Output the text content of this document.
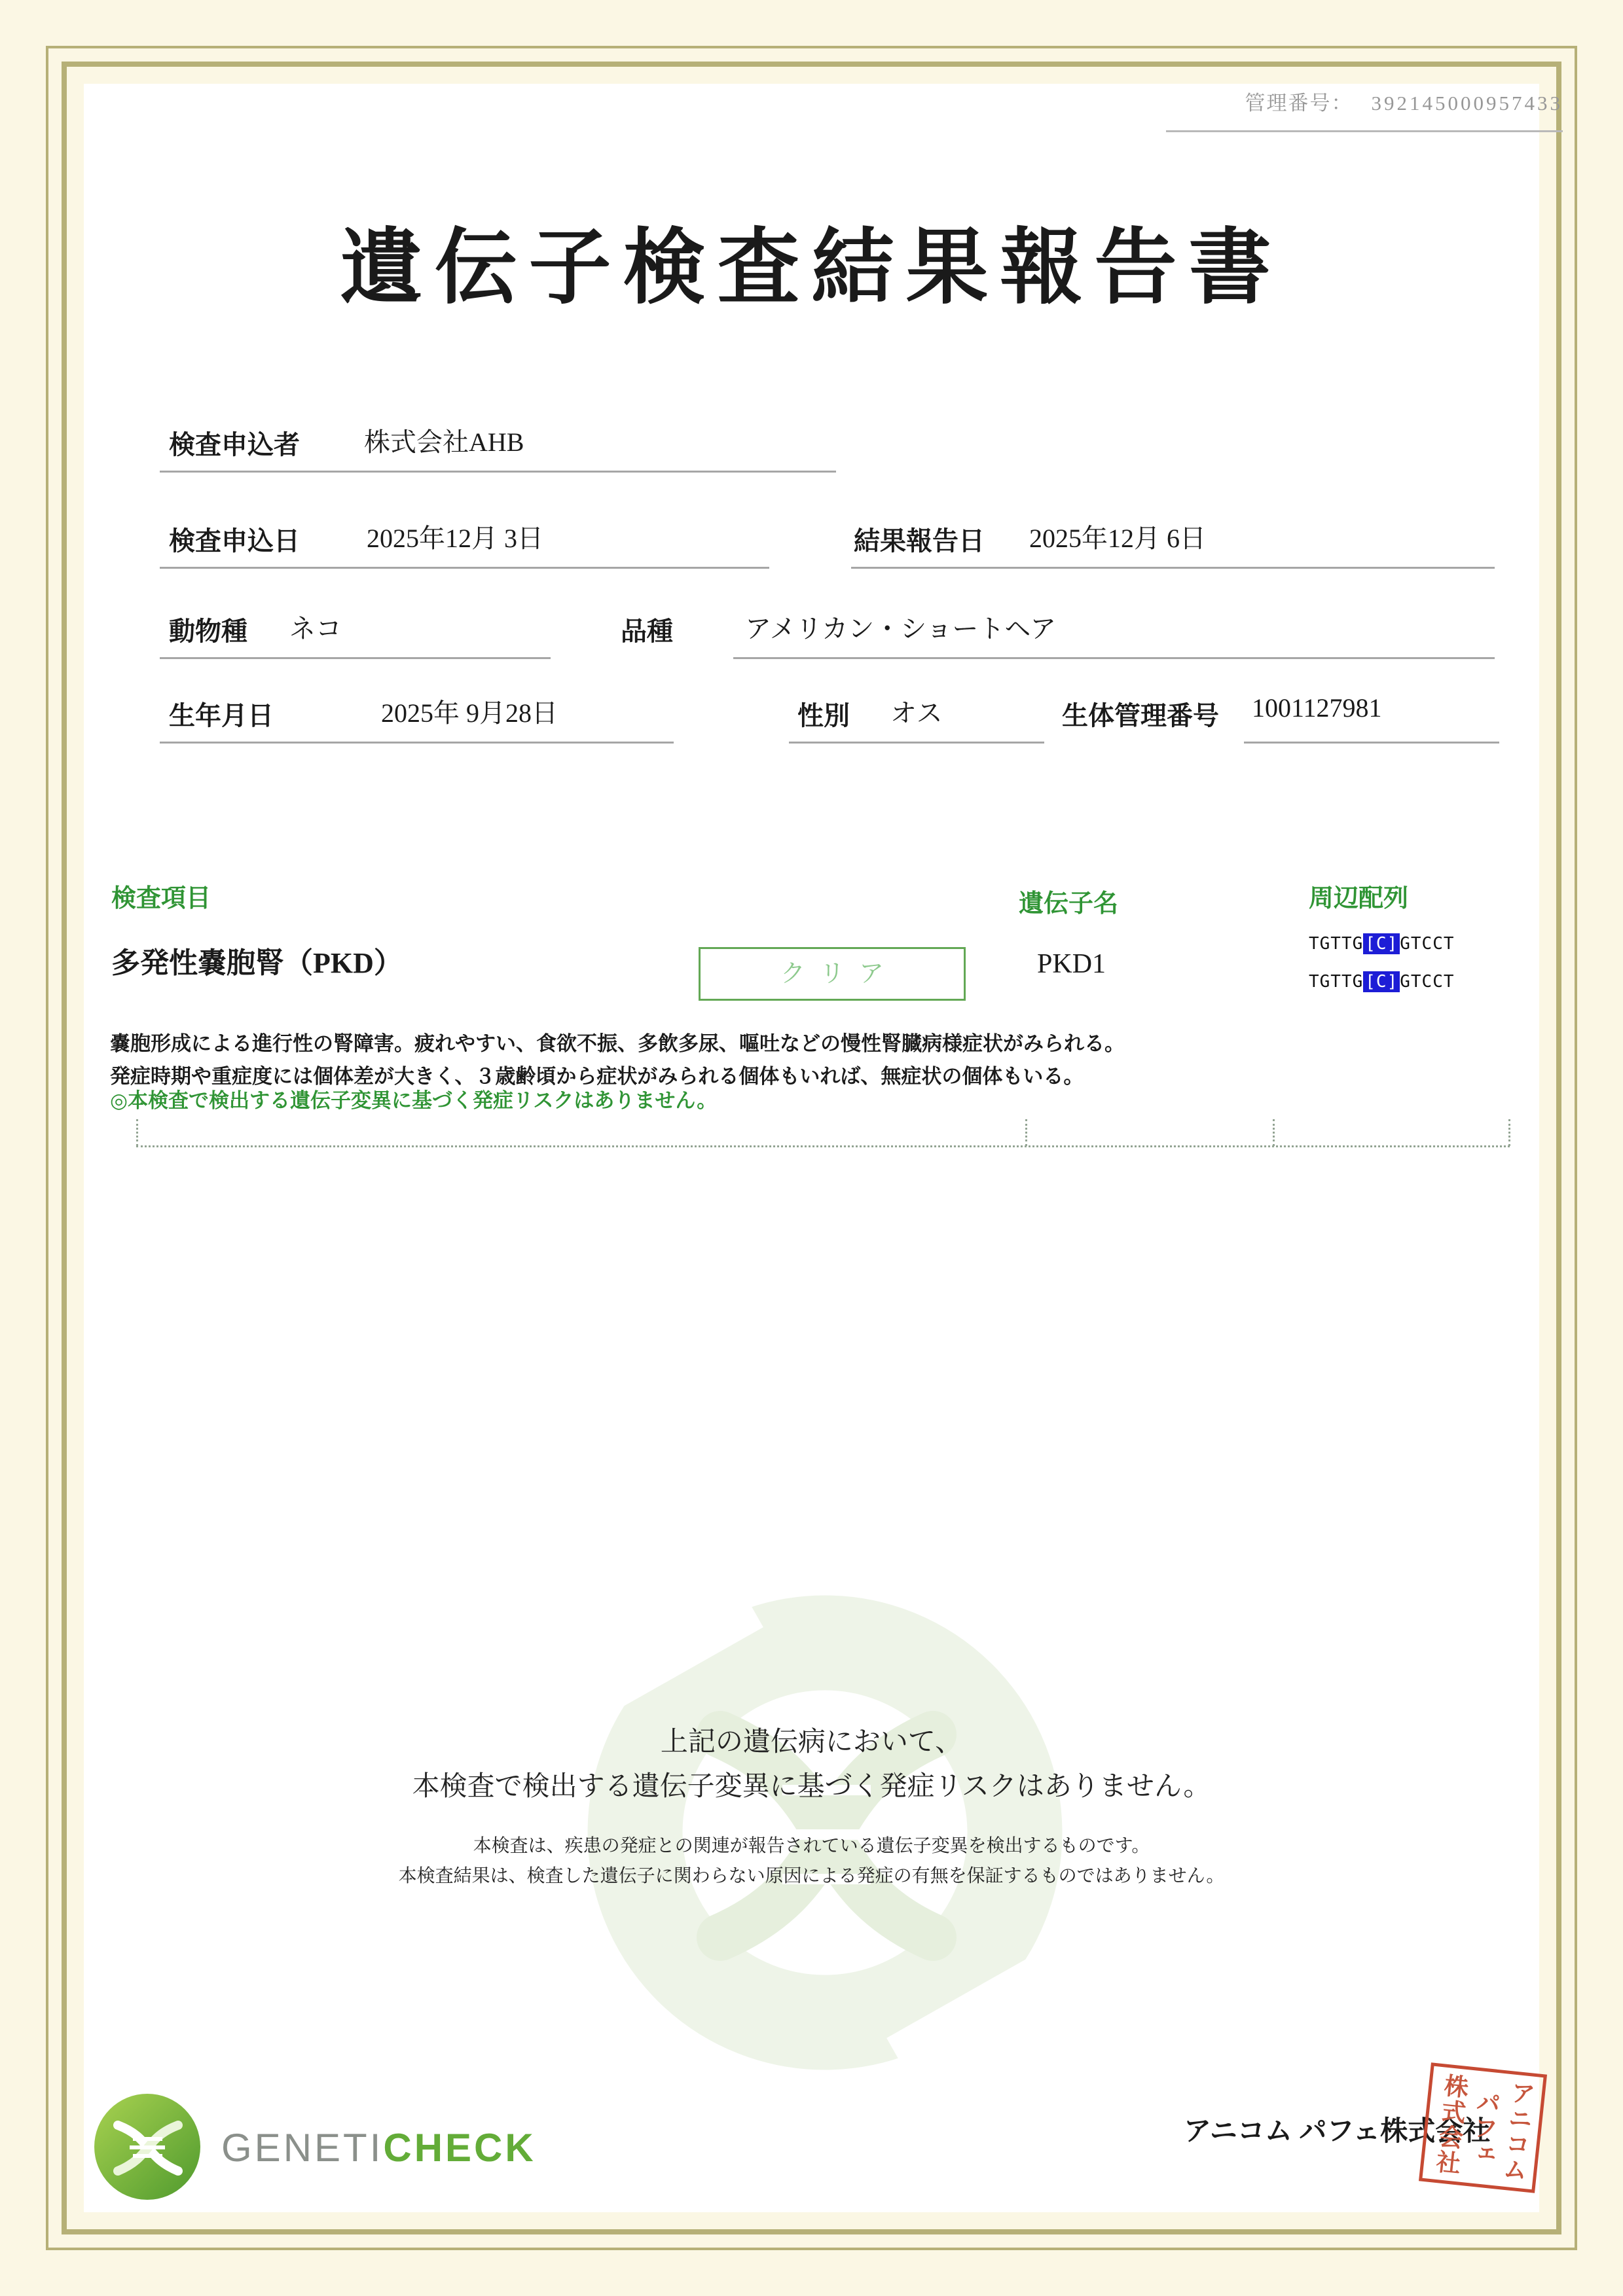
管理番号： 392145000957433
遺伝子検査結果報告書
検査申込者 株式会社AHB
検査申込日	2025年12月 3日	結果報告日 2025年12月 6日
動物種 ネコ	品種	アメリカン・ショートヘア
生年月日	2025年 9月28日	性別 オス	生体管理番号 1001127981
検査項目	遺伝子名	周辺配列
多発性嚢胞腎（PKD）	クリア	PKD1
TGTTG [C] GTCCT
TGTTG [C] GTCCT
嚢胞形成による進行性の腎障害。疲れやすい、食欲不振、多飲多尿、嘔吐などの慢性腎臓病様症状がみられる。
発症時期や重症度には個体差が大きく、３歳齢頃から症状がみられる個体もいれば、無症状の個体もいる。
◎本検査で検出する遺伝子変異に基づく発症リスクはありません。
上記の遺伝病において、
本検査で検出する遺伝子変異に基づく発症リスクはありません。
本検査は、疾患の発症との関連が報告されている遺伝子変異を検出するものです。
本検査結果は、検査した遺伝子に関わらない原因による発症の有無を保証するものではありません。
GENETICHECK	アニコム パフェ株式会社 アニコム
パフェ
株式会社
